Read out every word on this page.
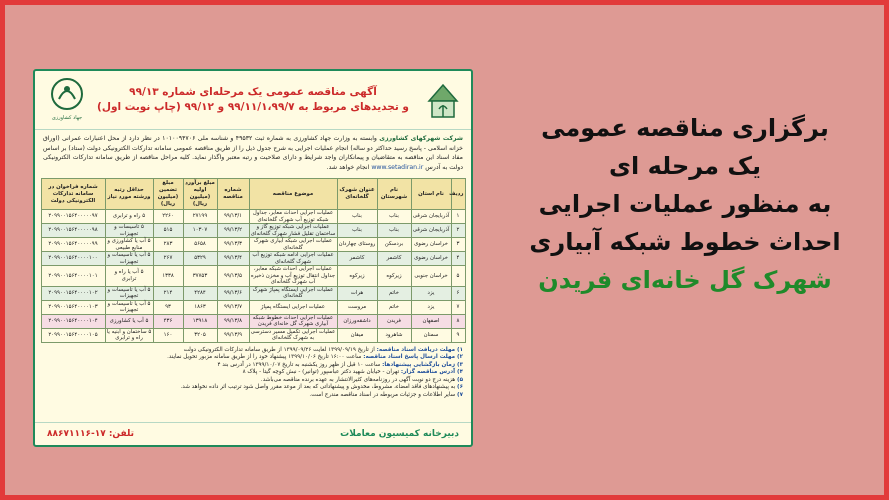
جهاد کشاورزی
آگهی مناقصه عمومی یک مرحله‌ای شماره ۹۹/۱۳
و تجدیدهای مربوط به ۹۹/۱۱/۱،۹۹/۷ و ۹۹/۱۲ (چاپ نوبت اول)
شرکت شهرکهای کشاورزی وابسته به وزارت جهاد کشاورزی به شماره ثبت ۴۹۵۳۲ و شناسه ملی ۱۰۱۰۰۹۴۷۰۶ در نظر دارد از محل اعتبارات عمرانی (اوراق خزانه اسلامی - پاسخ رسید حداکثر دو ساله) انجام عملیات اجرایی به شرح جدول ذیل را از طریق مناقصه عمومی سامانه تدارکات الکترونیکی دولت (ستاد) بر اساس مفاد اسناد این مناقصه به متقاضیان و پیمانکاران واجد شرایط و دارای صلاحیت و رتبه معتبر واگذار نماید. کلیه مراحل مناقصه از طریق سامانه تدارکات الکترونیکی دولت به آدرس www.setadiran.ir انجام خواهد شد.
ردیف	نام استان	نام شهرستان	عنوان شهرک گلخانه‌ای	موضوع مناقصه	شماره مناقصه	مبلغ برآورد اولیه (میلیون ریال)	مبلغ تضمین (میلیون ریال)	حداقل رتبه ورشته مورد نیاز	شماره فراخوان در سامانه تدارکات الکترونیکی دولت
۱	آذربایجان شرقی	بناب	بناب	عملیات اجرایی احداث معابر، جداول شبکه توزیع آب شهرک گلخانه‌ای	۹۹/۱۳/۱	۲۷۱۹۹	۲۲۶۰	۵ راه و ترابری	۲۰۹۹۰۰۱۵۶۴۰۰۰۰۰۹۷
۲	آذربایجان شرقی	بناب	بناب	عملیات اجرایی شبکه توزیع گاز و ساختمان تقلیل فشار شهرک گلخانه‌ای	۹۹/۱۳/۲	۱۰۳۰۷	۵۱۵	۵ تاسیسات و تجهیزات	۲۰۹۹۰۰۱۵۶۴۰۰۰۰۰۹۸
۳	خراسان رضوی	بردسکن	روستای چهاردان	عملیات اجرایی شبکه آبیاری شهرک گلخانه‌ای	۹۹/۱۳/۳	۵۶۵۸	۲۸۳	۵ آب یا کشاورزی و منابع طبیعی	۲۰۹۹۰۰۱۵۶۴۰۰۰۰۰۹۹
۴	خراسان رضوی	کاشمر	کاشمر	عملیات اجرایی ادامه شبکه توزیع آب شهرک گلخانه‌ای	۹۹/۱۳/۴	۵۳۲۹	۲۶۷	۵ آب یا تاسیسات و تجهیزات	۲۰۹۹۰۰۱۵۶۴۰۰۰۰۱۰۰
۵	خراسان جنوبی	زیرکوه	زیرکوه	عملیات اجرایی احداث شبکه معابر، جداول انتقال توزیع آب و مخزن ذخیره آب شهرک گلخانه‌ای	۹۹/۱۳/۵	۳۷۷۵۳	۱۳۳۸	۵ آب یا راه و ترابری	۲۰۹۹۰۰۱۵۶۴۰۰۰۰۱۰۱
۶	یزد	خاتم	هرات	عملیات اجرایی ایستگاه پمپاژ شهرک گلخانه‌ای	۹۹/۱۳/۶	۴۲۸۴	۲۱۴	۵ آب یا تاسیسات و تجهیزات	۲۰۹۹۰۰۱۵۶۴۰۰۰۰۱۰۲
۷	یزد	خاتم	مروست	عملیات اجرایی ایستگاه پمپاژ	۹۹/۱۳/۷	۱۸۶۳	۹۳	۵ آب یا تاسیسات و تجهیزات	۲۰۹۹۰۰۱۵۶۴۰۰۰۰۱۰۳
۸	اصفهان	فریدن	داشقه‌ورزان	عملیات اجرایی احداث خطوط شبکه آبیاری شهرک گل خانه‌ای فریدن	۹۹/۱۳/۸	۱۳۹۱۸	۴۳۶	۵ آب یا کشاورزی	۲۰۹۹۰۰۱۵۶۴۰۰۰۰۱۰۴
۹	سمنان	شاهرود	میقان	عملیات اجرایی تکمیل مسیر دسترسی به شهرک گلخانه‌ای	۹۹/۱۳/۹	۳۲۰۵	۱۶۰	۵ ساختمان و ابنیه یا راه و ترابری	۲۰۹۹۰۰۱۵۶۴۰۰۰۰۱۰۵
۱) مهلت دریافت اسناد مناقصه: از تاریخ ۱۳۹۹/۰۹/۱۹ لغایت ۱۳۹۹/۰۹/۲۶ از طریق سامانه تدارکات الکترونیکی دولت
۲) مهلت ارسال پاسخ اسناد مناقصه: ساعت ۱۶:۰۰ تاریخ ۱۳۹۹/۱۰/۰۶ پیشنهاد خود را از طریق سامانه مزبور تحویل نمایند.
۳) زمان بازگشایی پیشنهادها: ساعت ۱۰ قبل از ظهر روز یکشنبه به تاریخ ۱۳۹۹/۱۰/۰۷ در آدرس بند ۴
۴) آدرس مناقصه گزار: تهران - خیابان شهید دکتر عباسپور (توانیر) - نبش کوچه گیتا - پلاک ۸
۵) هزینه درج دو نوبت آگهی در روزنامه‌های کثیرالانتشار به عهده برنده مناقصه می‌باشد.
۶) به پیشنهادهای فاقد امضاء، مشروط، مخدوش و پیشنهاداتی که بعد از موعد مقرر واصل شود ترتیب اثر داده نخواهد شد.
۷) سایر اطلاعات و جزئیات مربوطه در اسناد مناقصه مندرج است.
دبیرخانه کمیسیون معاملات
تلفن: ۱۷-۸۸۶۷۱۱۱۶
برگزاری مناقصه عمومی
یک مرحله ای
به منظور عملیات اجرایی
احداث خطوط شبکه آبیاری
شهرک گل خانه‌ای فریدن
